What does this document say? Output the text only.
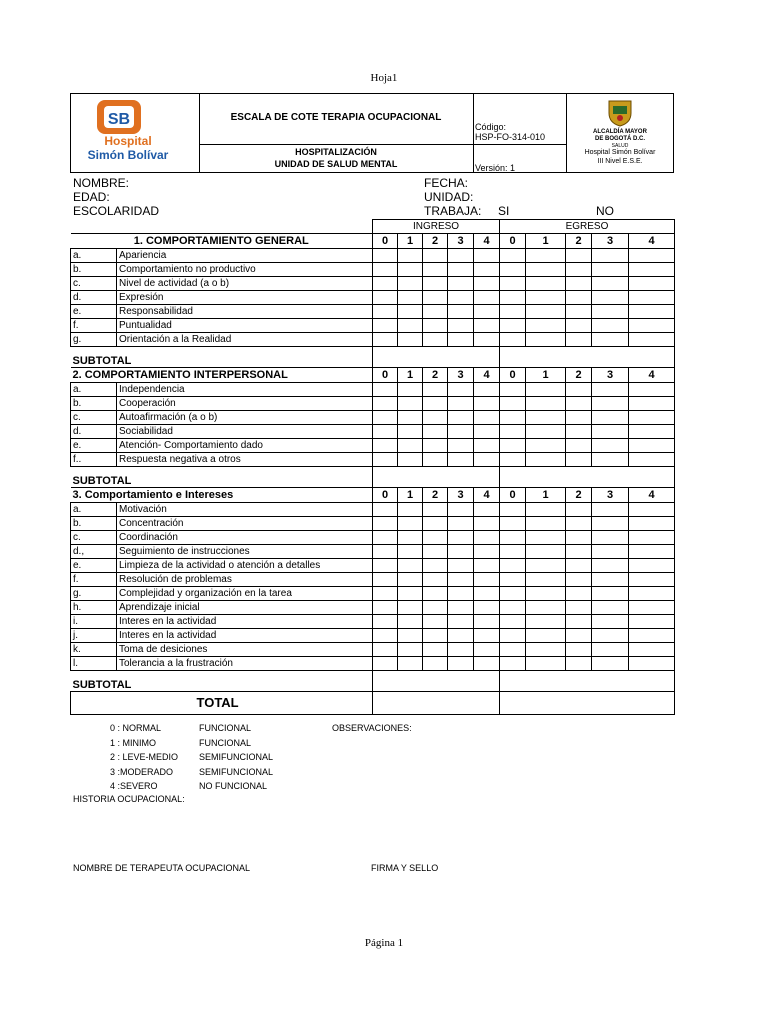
Hoja1
SB
Hospital
Simón Bolívar
ESCALA DE COTE TERAPIA OCUPACIONAL
HOSPITALIZACIÓN
UNIDAD DE SALUD MENTAL
Código:
HSP-FO-314-010
Versión: 1
ALCALDÍA MAYOR
DE BOGOTÁ D.C.
SALUD
Hospital Simón Bolívar
III Nivel E.S.E.
NOMBRE:
EDAD:
ESCOLARIDAD
FECHA:
UNIDAD:
TRABAJA: SI	NO
		INGRESO					EGRESO				
1. COMPORTAMIENTO GENERAL		0	1	2	3	4	0	1	2	3	4
a.	Apariencia										
b.	Comportamiento no productivo										
c.	Nivel de actividad (a o b)										
d.	Expresión										
e.	Responsabilidad										
f.	Puntualidad										
g.	Orientación a la Realidad										
SUBTOTAL											
2. COMPORTAMIENTO INTERPERSONAL		0	1	2	3	4	0	1	2	3	4
a.	Independencia										
b.	Cooperación										
c.	Autoafirmación (a o b)										
d.	Sociabilidad										
e.	Atención- Comportamiento dado										
f..	Respuesta negativa a otros										
SUBTOTAL											
3. Comportamiento e Intereses		0	1	2	3	4	0	1	2	3	4
a.	Motivación										
b.	Concentración										
c.	Coordinación										
d.,	Seguimiento de instrucciones										
e.	Limpieza de la actividad o atención a detalles										
f.	Resolución de problemas										
g.	Complejidad y organización en la tarea										
h.	Aprendizaje inicial										
i.	Interes en la actividad										
j.	Interes en la actividad										
k.	Toma de desiciones										
l.	Tolerancia a la frustración										
SUBTOTAL											
	TOTAL										
0 : NORMAL	FUNCIONAL
1 : MINIMO	FUNCIONAL
2 : LEVE-MEDIO SEMIFUNCIONAL
3 :MODERADO	SEMIFUNCIONAL
4 :SEVERO	NO FUNCIONAL
OBSERVACIONES:
HISTORIA OCUPACIONAL:
NOMBRE DE TERAPEUTA OCUPACIONAL	FIRMA Y SELLO
Página 1
